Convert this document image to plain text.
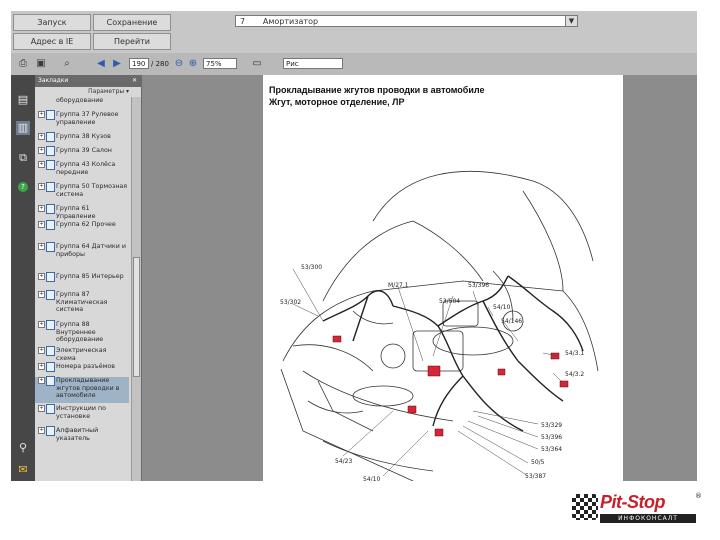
Запуск	Сохранение
Адрес в IE	Перейти
7 Амортизатор	▼
⎙ ▣	⌕	◀ ▶	190 / 280 ⊖ ⊕	75%	▭	Рис
▤
▥
⧉
?
⚲
✉
Закладки	✕
Параметры ▾
оборудование
+ Группа 37 Рулевое управление
+ Группа 38 Кузов
+ Группа 39 Салон
+ Группа 43 Колёса передние
+ Группа 50 Тормозная система
+ Группа 61 Управление
+ Группа 62 Прочее
+ Группа 64 Датчики и приборы
+ Группа 85 Интерьер
+ Группа 87 Климатическая система
+ Группа 88 Внутреннее оборудование
+ Электрическая схема
+ Номера разъёмов
+ Прокладывание жгутов проводки в автомобиле
+ Инструкции по установке
+ Алфавитный указатель
Прокладывание жгутов проводки в автомобиле
Жгут, моторное отделение, ЛР
53/300
53/302
M/27.1	53/396
53/504
54/10
54/146
54/3.1
54/3.2
53/329
53/396
53/364
50/5
53/387
54/23
54/10
Pit-Stop	®
ИНФОКОНСАЛТ
